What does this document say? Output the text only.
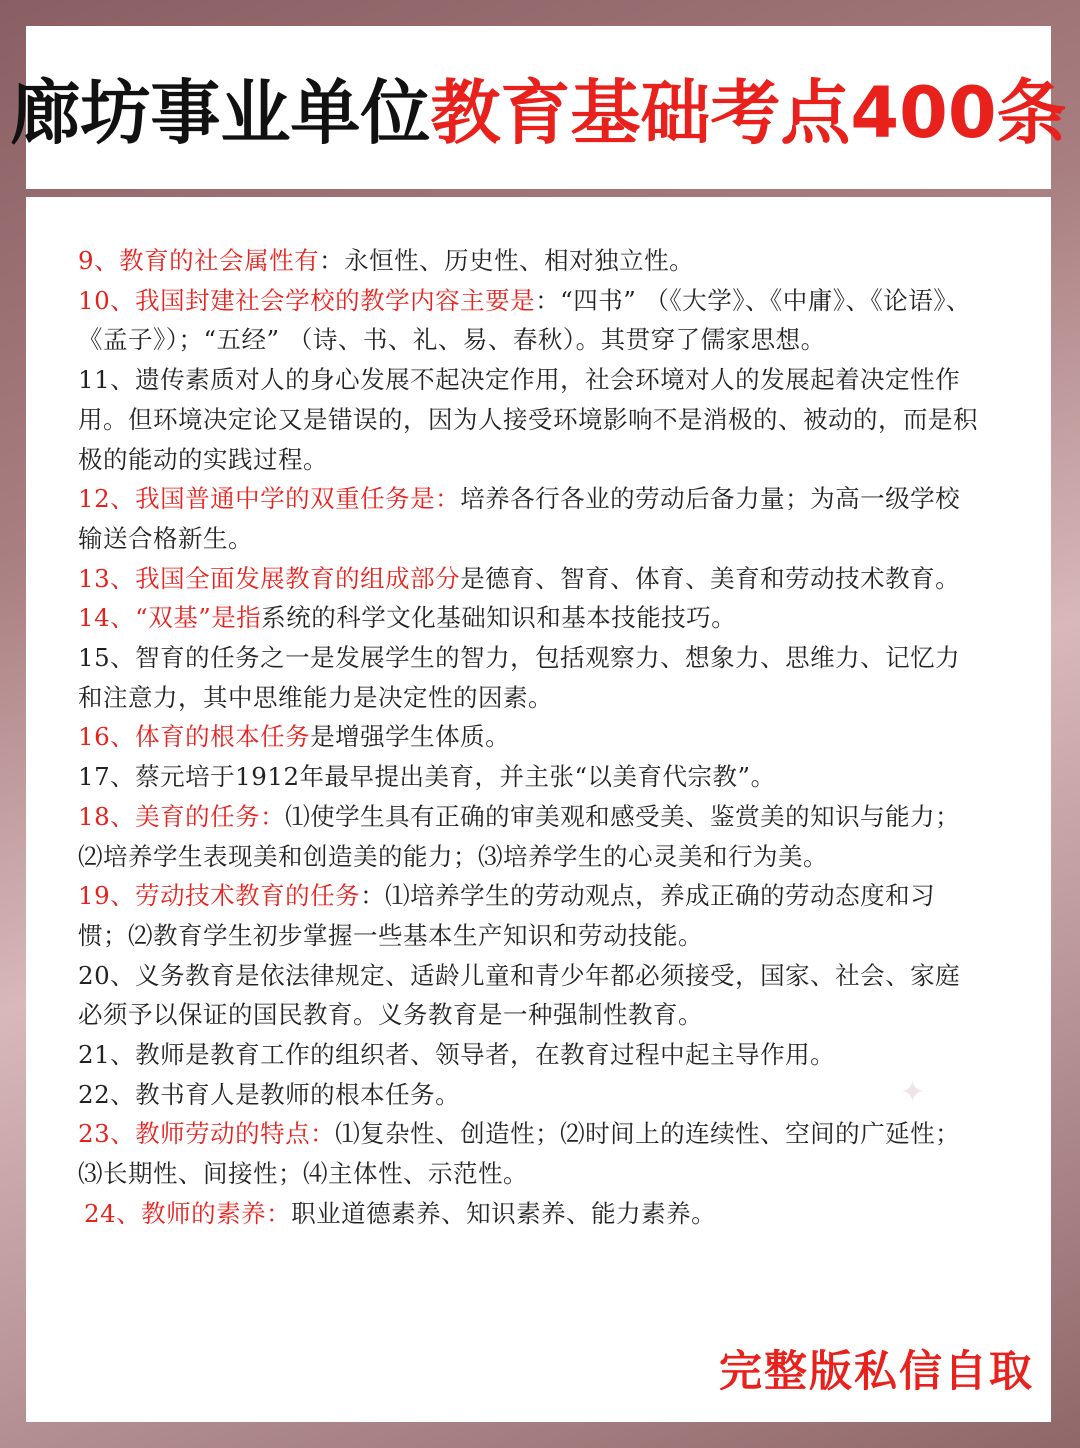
廊坊事业单位 教育基础考点400条

9、教育的社会属性有：永恒性、历史性、相对独立性。

10、我国封建社会学校的教学内容主要是：“四书” （《大学》、《中庸》、《论语》、《孟子》）；“五经” （诗、书、礼、易、春秋）。其贯穿了儒家思想。

11、遗传素质对人的身心发展不起决定作用，社会环境对人的发展起着决定性作用。但环境决定论又是错误的，因为人接受环境影响不是消极的、被动的，而是积极的能动的实践过程。

12、我国普通中学的双重任务是：培养各行各业的劳动后备力量；为高一级学校输送合格新生。

13、我国全面发展教育的组成部分是德育、智育、体育、美育和劳动技术教育。

14、“双基”是指系统的科学文化基础知识和基本技能技巧。

15、智育的任务之一是发展学生的智力，包括观察力、想象力、思维力、记忆力和注意力，其中思维能力是决定性的因素。

16、体育的根本任务是增强学生体质。

17、蔡元培于1912年最早提出美育，并主张“以美育代宗教”。

18、美育的任务：⑴使学生具有正确的审美观和感受美、鉴赏美的知识与能力；⑵培养学生表现美和创造美的能力；⑶培养学生的心灵美和行为美。

19、劳动技术教育的任务：⑴培养学生的劳动观点，养成正确的劳动态度和习惯；⑵教育学生初步掌握一些基本生产知识和劳动技能。

20、义务教育是依法律规定、适龄儿童和青少年都必须接受，国家、社会、家庭必须予以保证的国民教育。义务教育是一种强制性教育。

21、教师是教育工作的组织者、领导者，在教育过程中起主导作用。

22、教书育人是教师的根本任务。

23、教师劳动的特点：⑴复杂性、创造性；⑵时间上的连续性、空间的广延性；⑶长期性、间接性；⑷主体性、示范性。

24、教师的素养：职业道德素养、知识素养、能力素养。

✦
完整版私信自取
